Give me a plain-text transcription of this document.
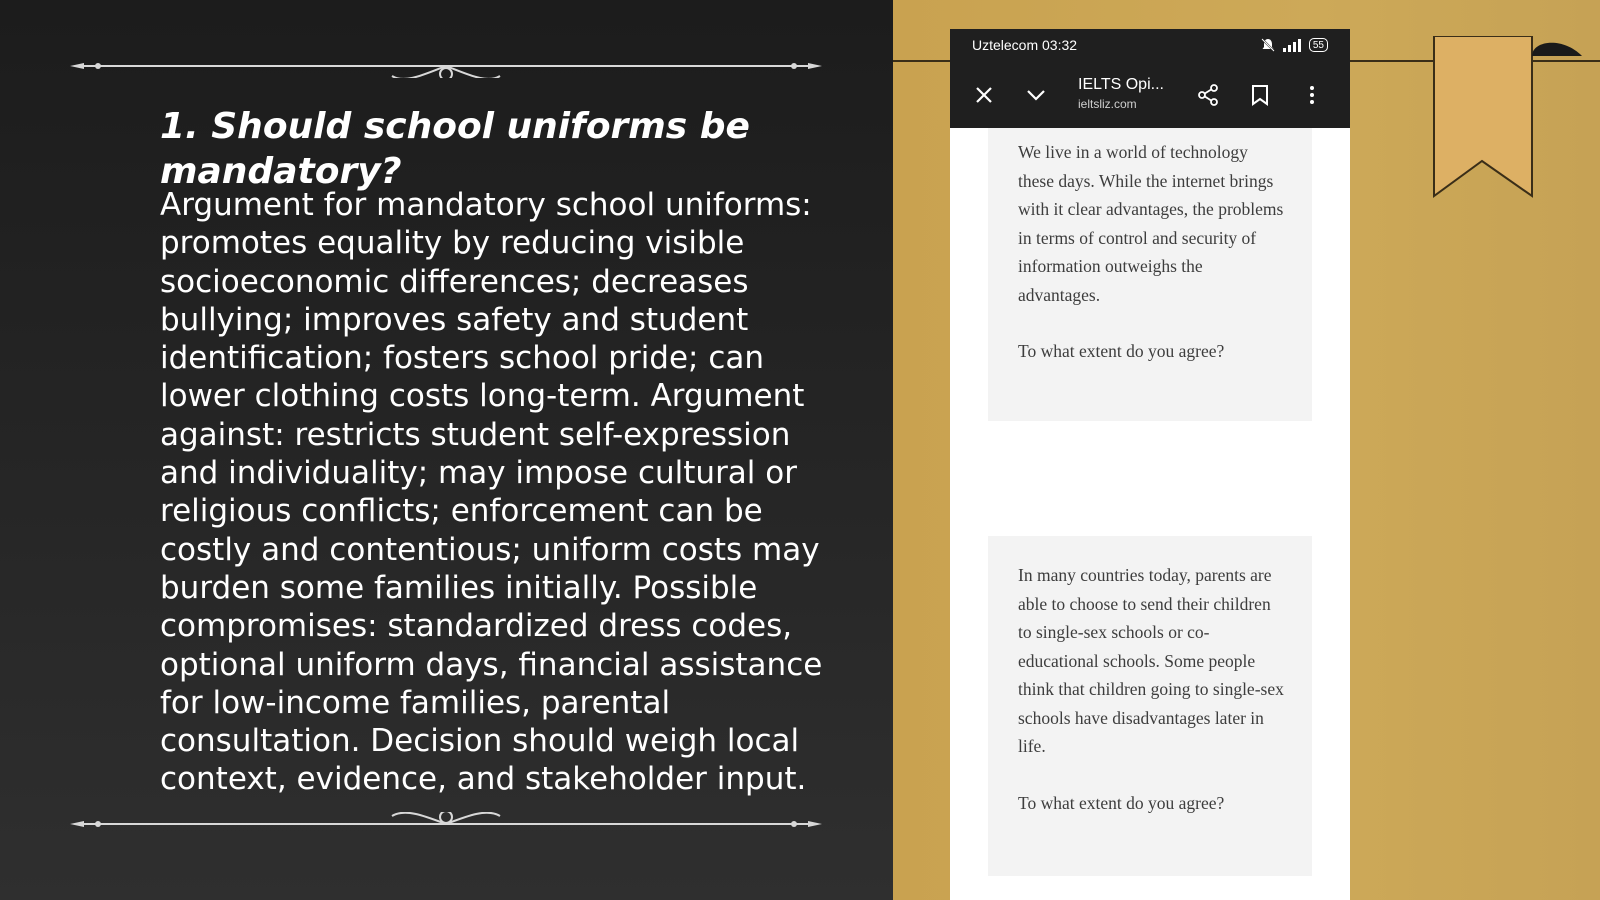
1. Should school uniforms be mandatory?

Argument for mandatory school uniforms: promotes equality by reducing visible socioeconomic differences; decreases bullying; improves safety and student identification; fosters school pride; can lower clothing costs long-term. Argument against: restricts student self-expression and individuality; may impose cultural or religious conflicts; enforcement can be costly and contentious; uniform costs may burden some families initially. Possible compromises: standardized dress codes, optional uniform days, financial assistance for low-income families, parental consultation. Decision should weigh local context, evidence, and stakeholder input.

Uztelecom 03:32	55
IELTS Opi...
ieltsliz.com

We live in a world of technology these days. While the internet brings with it clear advantages, the problems in terms of control and security of information outweighs the advantages.

To what extent do you agree?

In many countries today, parents are able to choose to send their children to single-sex schools or co-educational schools. Some people think that children going to single-sex schools have disadvantages later in life.

To what extent do you agree?
